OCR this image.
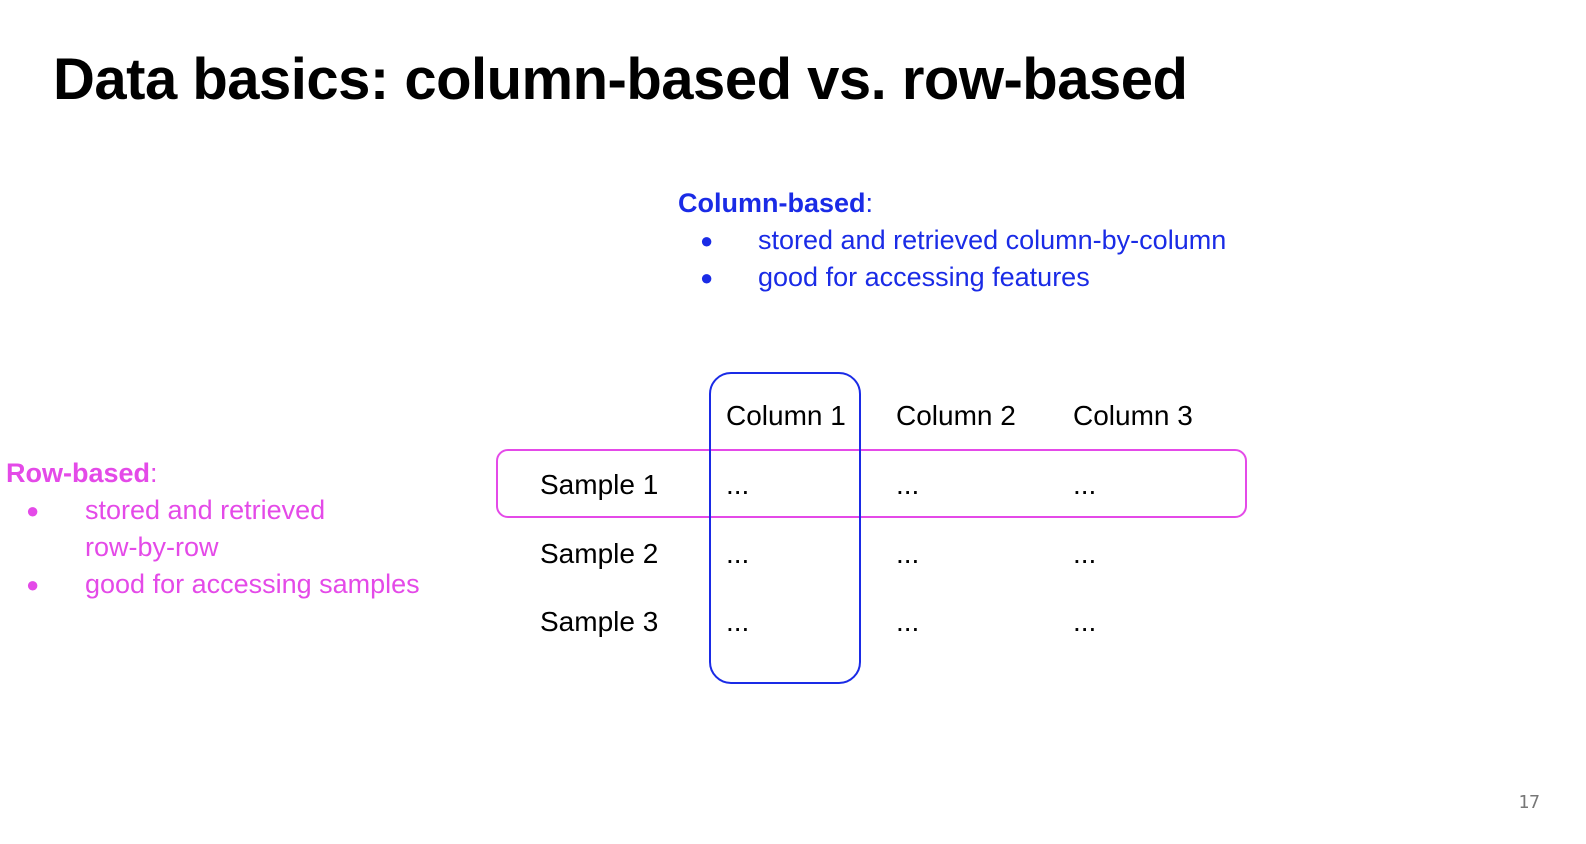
Data basics: column-based vs. row-based
Column-based:
● stored and retrieved column-by-column
● good for accessing features
Row-based:
● stored and retrieved
row-by-row
● good for accessing samples
Column 1 Column 2 Column 3
Sample 1 ...	...	...
Sample 2 ...	...	...
Sample 3 ...	...	...
17
